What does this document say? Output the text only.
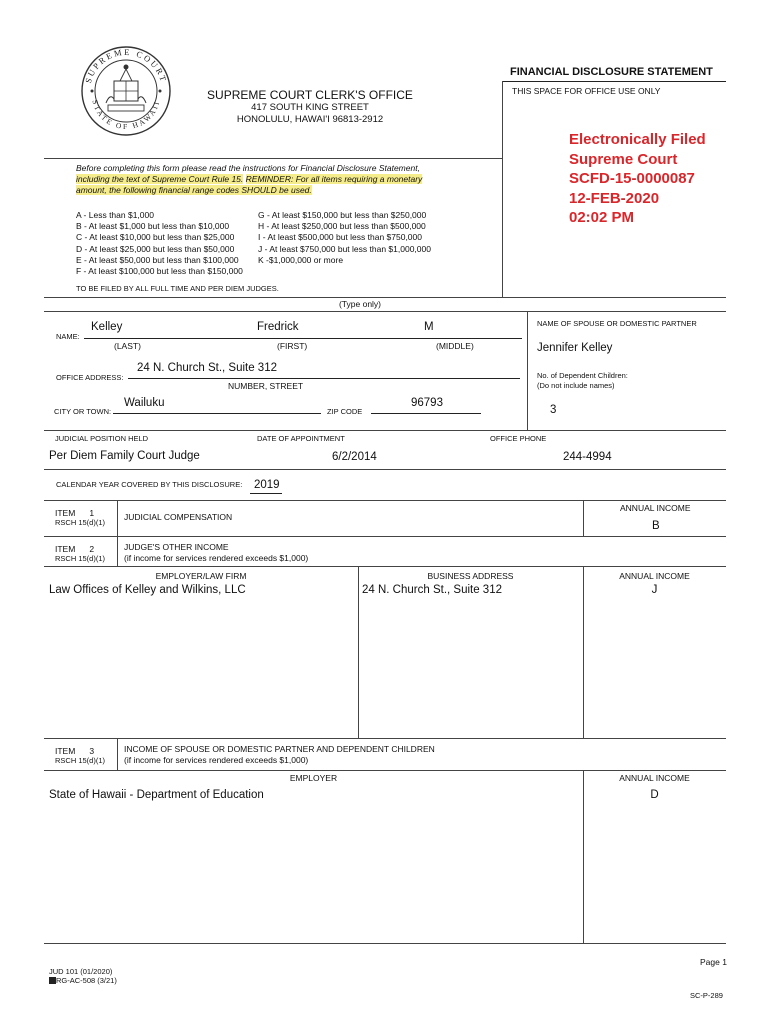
SUPREME COURT
STATE OF HAWAII
FINANCIAL DISCLOSURE STATEMENT
THIS SPACE FOR OFFICE USE ONLY
SUPREME COURT CLERK'S OFFICE
417 SOUTH KING STREET
HONOLULU, HAWAI'I 96813-2912
Electronically Filed
Supreme Court
SCFD-15-0000087
12-FEB-2020
02:02 PM
Before completing this form please read the instructions for Financial Disclosure Statement,
including the text of Supreme Court Rule 15. REMINDER: For all items requiring a monetary
amount, the following financial range codes SHOULD be used.
A - Less than $1,000
B - At least $1,000 but less than $10,000
C - At least $10,000 but less than $25,000
D - At least $25,000 but less than $50,000
E - At least $50,000 but less than $100,000
F - At least $100,000 but less than $150,000
G - At least $150,000 but less than $250,000
H - At least $250,000 but less than $500,000
I - At least $500,000 but less than $750,000
J - At least $750,000 but less than $1,000,000
K -$1,000,000 or more
TO BE FILED BY ALL FULL TIME AND PER DIEM JUDGES.
(Type only)
NAME:
Kelley	Fredrick	M
(LAST)	(FIRST)	(MIDDLE)
NAME OF SPOUSE OR DOMESTIC PARTNER
Jennifer Kelley
OFFICE ADDRESS:
24 N. Church St., Suite 312
NUMBER, STREET
No. of Dependent Children:
(Do not include names)
3
CITY OR TOWN:
Wailuku
ZIP CODE
96793
JUDICIAL POSITION HELD	DATE OF APPOINTMENT	OFFICE PHONE
Per Diem Family Court Judge	6/2/2014	244-4994
CALENDAR YEAR COVERED BY THIS DISCLOSURE: 2019
ITEM 1
RSCH 15(d)(1)
JUDICIAL COMPENSATION
ANNUAL INCOME
B
ITEM 2
RSCH 15(d)(1)
JUDGE'S OTHER INCOME
(if income for services rendered exceeds $1,000)
EMPLOYER/LAW FIRM	BUSINESS ADDRESS	ANNUAL INCOME
Law Offices of Kelley and Wilkins, LLC	24 N. Church St., Suite 312	J
ITEM 3
RSCH 15(d)(1)
INCOME OF SPOUSE OR DOMESTIC PARTNER AND DEPENDENT CHILDREN
(if income for services rendered exceeds $1,000)
EMPLOYER	ANNUAL INCOME
State of Hawaii - Department of Education	D
Page 1
JUD 101 (01/2020)
RG-AC-508 (3/21)
SC-P-289
